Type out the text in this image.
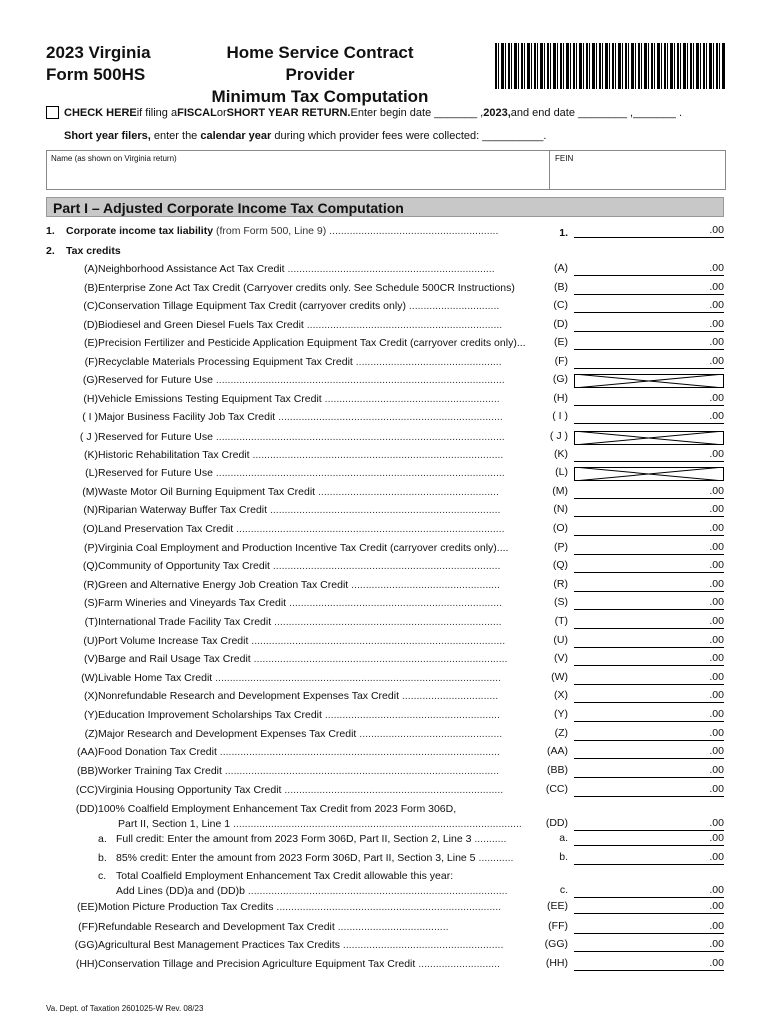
2023 Virginia
Form 500HS
Home Service Contract Provider
Minimum Tax Computation
CHECK HERE if filing a FISCAL or SHORT YEAR RETURN. Enter begin date _______ , 2023, and end date ________ ,_______ .
Short year filers, enter the calendar year during which provider fees were collected: __________.
Name (as shown on Virginia return)	FEIN
Part I – Adjusted Corporate Income Tax Computation
1.	Corporate income tax liability (from Form 500, Line 9) ..........................................................	1.	.00
2.	Tax credits
(A) Neighborhood Assistance Act Tax Credit .......................................................................	(A)	.00
(B) Enterprise Zone Act Tax Credit (Carryover credits only. See Schedule 500CR Instructions)	(B)	.00
(C) Conservation Tillage Equipment Tax Credit (carryover credits only) ...............................	(C)	.00
(D) Biodiesel and Green Diesel Fuels Tax Credit ...................................................................	(D)	.00
(E) Precision Fertilizer and Pesticide Application Equipment Tax Credit (carryover credits only)...	(E)	.00
(F) Recyclable Materials Processing Equipment Tax Credit ..................................................	(F)	.00
(G) Reserved for Future Use ...................................................................................................	(G)
(H) Vehicle Emissions Testing Equipment Tax Credit ............................................................	(H)	.00
( I ) Major Business Facility Job Tax Credit .............................................................................	( I )	.00
( J ) Reserved for Future Use ...................................................................................................	( J )
(K) Historic Rehabilitation Tax Credit ......................................................................................	(K)	.00
(L) Reserved for Future Use ...................................................................................................	(L)
(M) Waste Motor Oil Burning Equipment Tax Credit ..............................................................	(M)	.00
(N) Riparian Waterway Buffer Tax Credit ...............................................................................	(N)	.00
(O) Land Preservation Tax Credit ............................................................................................	(O)	.00
(P) Virginia Coal Employment and Production Incentive Tax Credit (carryover credits only)....	(P)	.00
(Q) Community of Opportunity Tax Credit ..............................................................................	(Q)	.00
(R) Green and Alternative Energy Job Creation Tax Credit ...................................................	(R)	.00
(S) Farm Wineries and Vineyards Tax Credit .........................................................................	(S)	.00
(T) International Trade Facility Tax Credit ..............................................................................	(T)	.00
(U) Port Volume Increase Tax Credit .......................................................................................	(U)	.00
(V) Barge and Rail Usage Tax Credit .......................................................................................	(V)	.00
(W) Livable Home Tax Credit ..................................................................................................	(W)	.00
(X) Nonrefundable Research and Development Expenses Tax Credit .................................	(X)	.00
(Y) Education Improvement Scholarships Tax Credit ............................................................	(Y)	.00
(Z) Major Research and Development Expenses Tax Credit .................................................	(Z)	.00
(AA) Food Donation Tax Credit ................................................................................................	(AA)	.00
(BB) Worker Training Tax Credit ..............................................................................................	(BB)	.00
(CC) Virginia Housing Opportunity Tax Credit ...........................................................................	(CC)	.00
(DD) 100% Coalfield Employment Enhancement Tax Credit from 2023 Form 306D,
Part II, Section 1, Line 1 ...................................................................................................	(DD)	.00
a. Full credit: Enter the amount from 2023 Form 306D, Part II, Section 2, Line 3 ...........	a.	.00
b. 85% credit: Enter the amount from 2023 Form 306D, Part II, Section 3, Line 5 ............	b.	.00
c. Total Coalfield Employment Enhancement Tax Credit allowable this year:
Add Lines (DD)a and (DD)b .........................................................................................	c.	.00
(EE) Motion Picture Production Tax Credits .............................................................................	(EE)	.00
(FF) Refundable Research and Development Tax Credit ......................................	(FF)	.00
(GG) Agricultural Best Management Practices Tax Credits .......................................................	(GG)	.00
(HH) Conservation Tillage and Precision Agriculture Equipment Tax Credit ............................	(HH)	.00
Va. Dept. of Taxation 2601025-W Rev. 08/23
